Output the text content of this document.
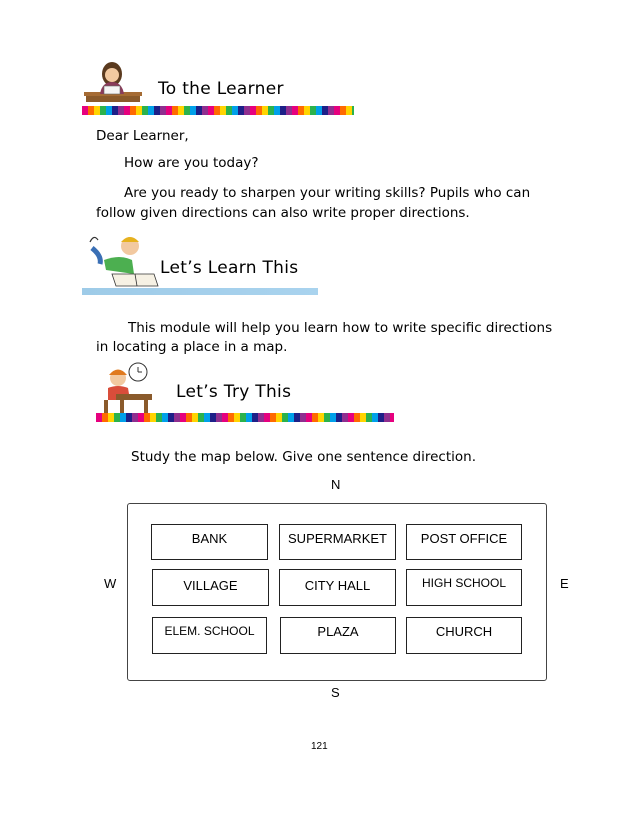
To the Learner
Dear Learner,
How are you today?
Are you ready to sharpen your writing skills? Pupils who can
follow given directions can also write proper directions.
Let’s Learn This
This module will help you learn how to write specific directions
in locating a place in a map.
Let’s Try This
Study the map below. Give one sentence direction.
N
S
W	E
BANK	SUPERMARKET	POST OFFICE
VILLAGE	CITY HALL	HIGH SCHOOL
ELEM. SCHOOL	PLAZA	CHURCH
121
